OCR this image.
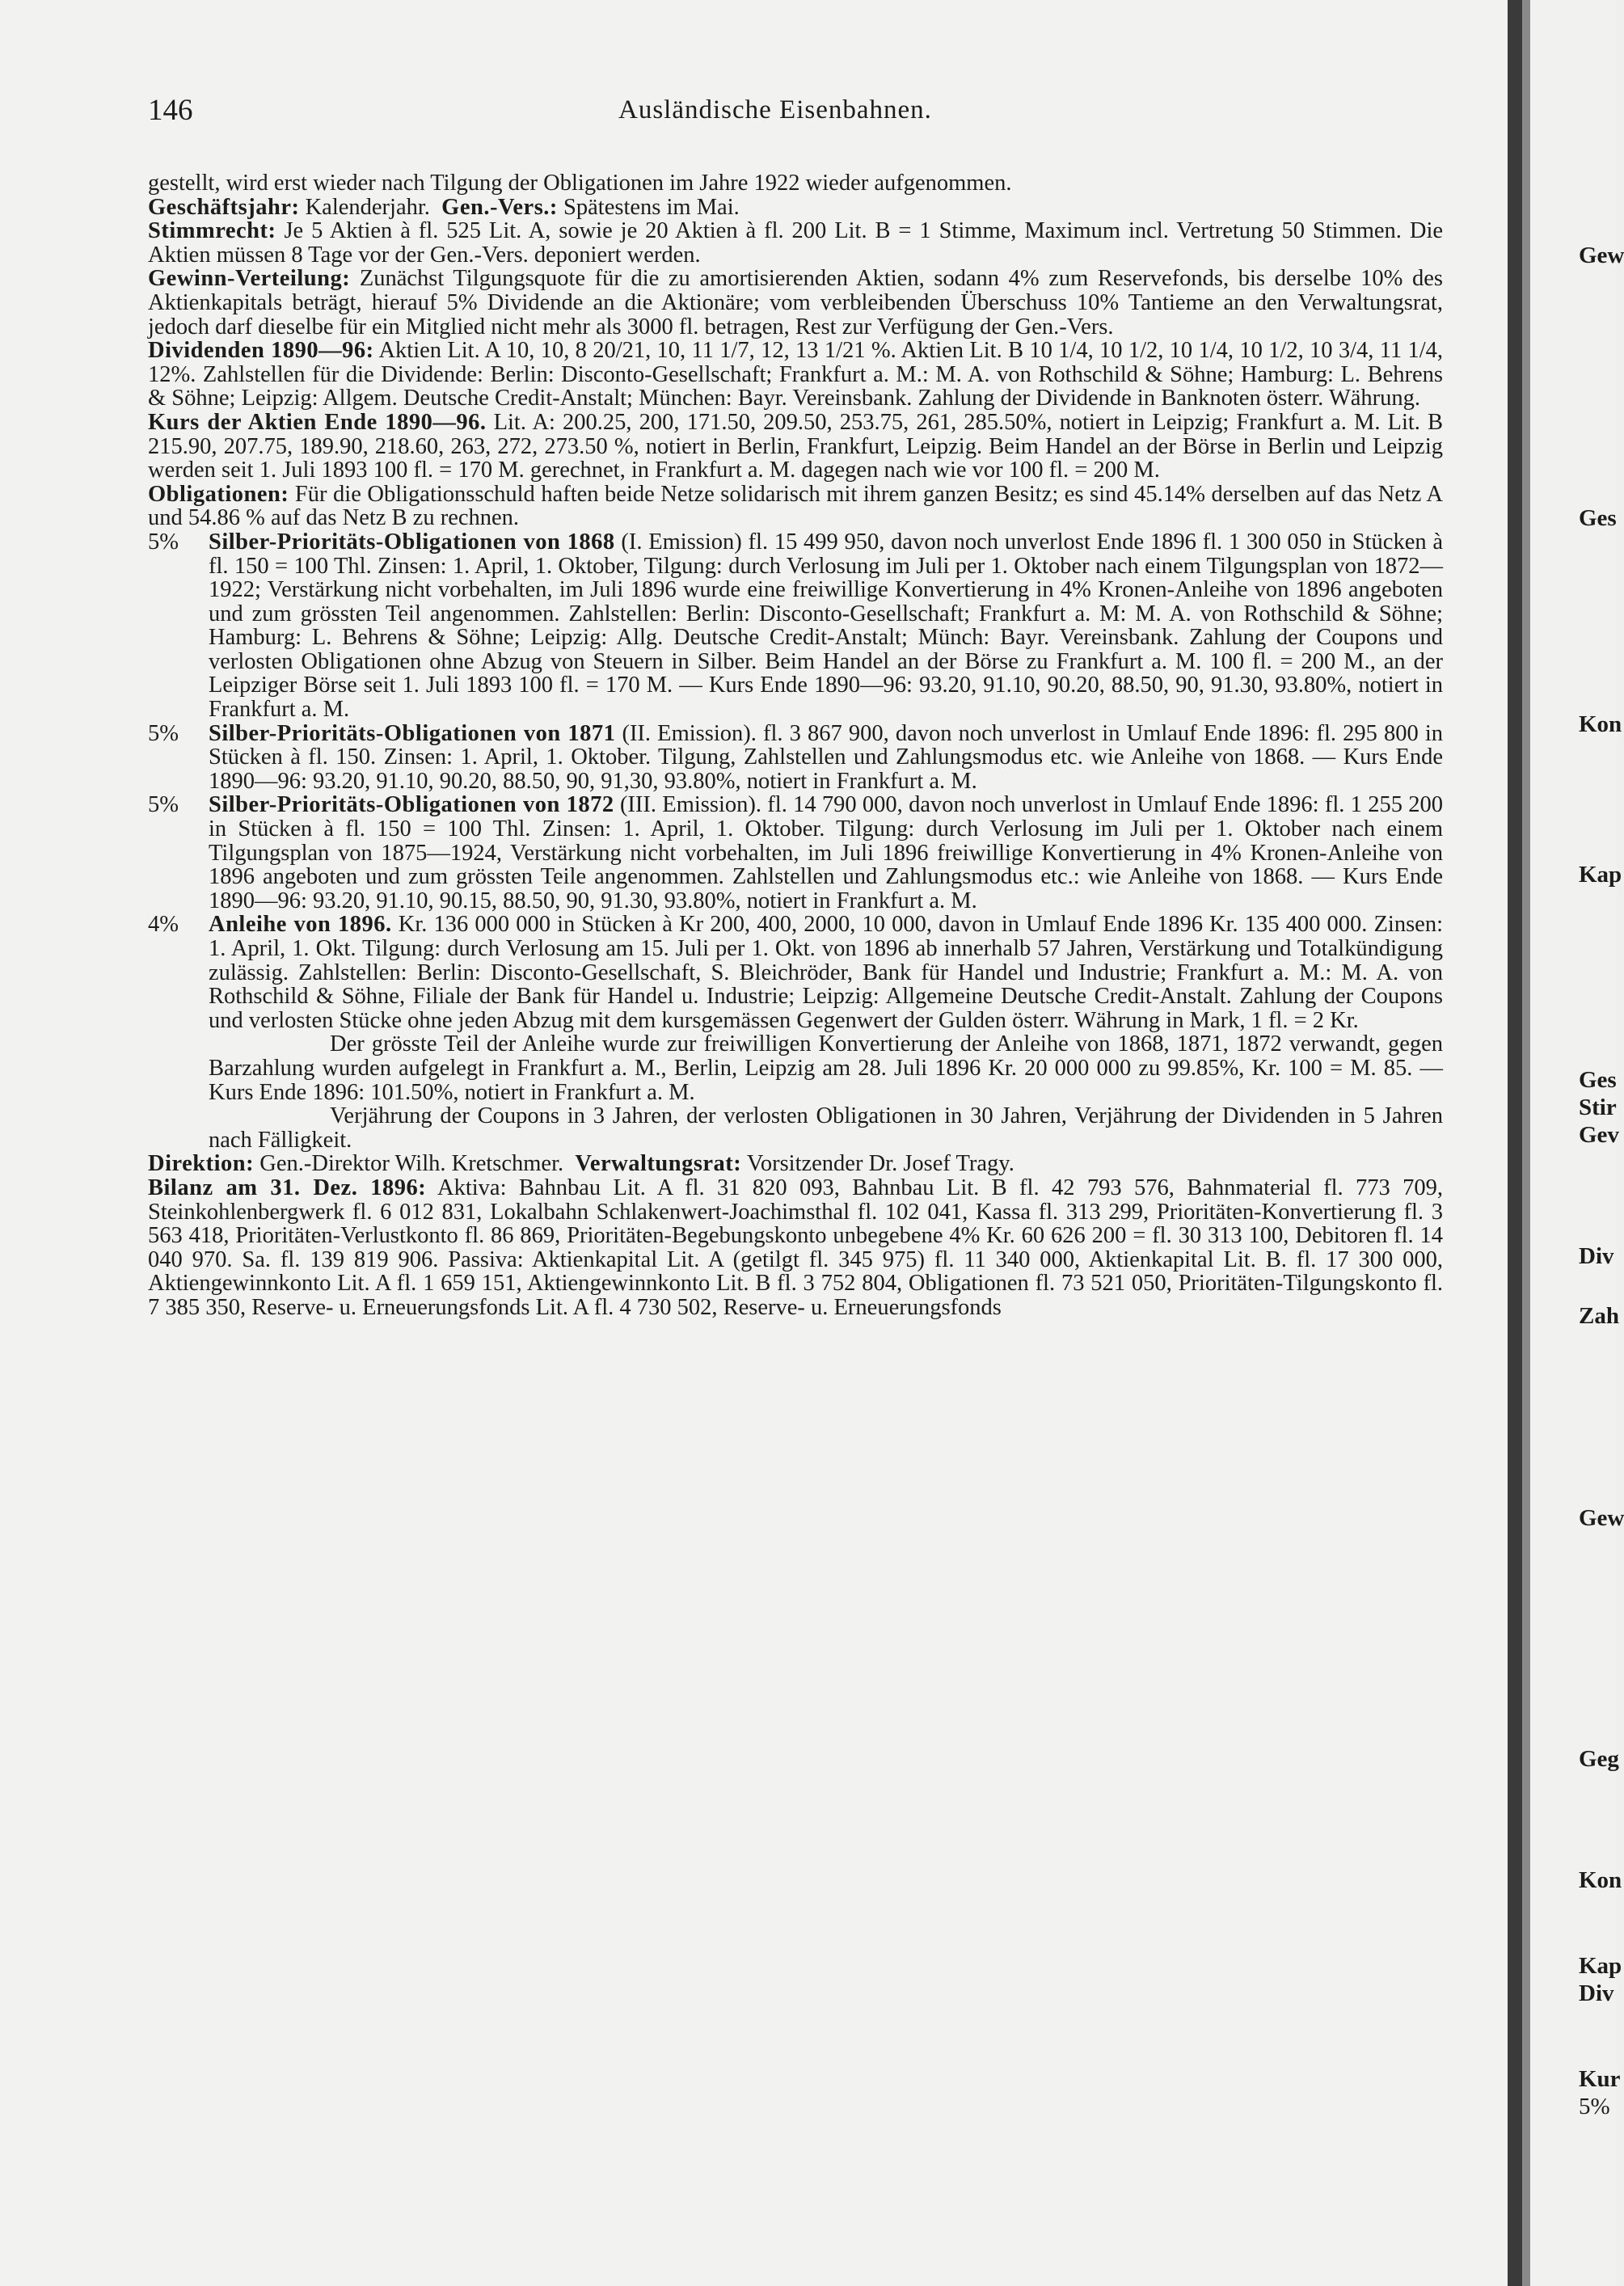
146	Ausländische Eisenbahnen.

gestellt, wird erst wieder nach Tilgung der Obligationen im Jahre 1922 wieder aufgenommen.

Geschäftsjahr: Kalenderjahr. Gen.-Vers.: Spätestens im Mai.

Stimmrecht: Je 5 Aktien à fl. 525 Lit. A, sowie je 20 Aktien à fl. 200 Lit. B = 1 Stimme, Maximum incl. Vertretung 50 Stimmen. Die Aktien müssen 8 Tage vor der Gen.-Vers. deponiert werden.

Gewinn-Verteilung: Zunächst Tilgungsquote für die zu amortisierenden Aktien, sodann 4% zum Reservefonds, bis derselbe 10% des Aktienkapitals beträgt, hierauf 5% Dividende an die Aktionäre; vom verbleibenden Überschuss 10% Tantieme an den Verwaltungsrat, jedoch darf dieselbe für ein Mitglied nicht mehr als 3000 fl. betragen, Rest zur Verfügung der Gen.-Vers.

Dividenden 1890—96: Aktien Lit. A 10, 10, 8 20/21, 10, 11 1/7, 12, 13 1/21 %. Aktien Lit. B 10 1/4, 10 1/2, 10 1/4, 10 1/2, 10 3/4, 11 1/4, 12%. Zahlstellen für die Dividende: Berlin: Disconto-Gesellschaft; Frankfurt a. M.: M. A. von Rothschild & Söhne; Hamburg: L. Behrens & Söhne; Leipzig: Allgem. Deutsche Credit-Anstalt; München: Bayr. Vereinsbank. Zahlung der Dividende in Banknoten österr. Währung.

Kurs der Aktien Ende 1890—96. Lit. A: 200.25, 200, 171.50, 209.50, 253.75, 261, 285.50%, notiert in Leipzig; Frankfurt a. M. Lit. B 215.90, 207.75, 189.90, 218.60, 263, 272, 273.50 %, notiert in Berlin, Frankfurt, Leipzig. Beim Handel an der Börse in Berlin und Leipzig werden seit 1. Juli 1893 100 fl. = 170 M. gerechnet, in Frankfurt a. M. dagegen nach wie vor 100 fl. = 200 M.

Obligationen: Für die Obligationsschuld haften beide Netze solidarisch mit ihrem ganzen Besitz; es sind 45.14% derselben auf das Netz A und 54.86 % auf das Netz B zu rechnen.

5% Silber-Prioritäts-Obligationen von 1868 (I. Emission) fl. 15 499 950, davon noch unverlost Ende 1896 fl. 1 300 050 in Stücken à fl. 150 = 100 Thl. Zinsen: 1. April, 1. Oktober, Tilgung: durch Verlosung im Juli per 1. Oktober nach einem Tilgungsplan von 1872—1922; Verstärkung nicht vorbehalten, im Juli 1896 wurde eine freiwillige Konvertierung in 4% Kronen-Anleihe von 1896 angeboten und zum grössten Teil angenommen. Zahlstellen: Berlin: Disconto-Gesellschaft; Frankfurt a. M: M. A. von Rothschild & Söhne; Hamburg: L. Behrens & Söhne; Leipzig: Allg. Deutsche Credit-Anstalt; Münch: Bayr. Vereinsbank. Zahlung der Coupons und verlosten Obligationen ohne Abzug von Steuern in Silber. Beim Handel an der Börse zu Frankfurt a. M. 100 fl. = 200 M., an der Leipziger Börse seit 1. Juli 1893 100 fl. = 170 M. — Kurs Ende 1890—96: 93.20, 91.10, 90.20, 88.50, 90, 91.30, 93.80%, notiert in Frankfurt a. M.

5% Silber-Prioritäts-Obligationen von 1871 (II. Emission). fl. 3 867 900, davon noch unverlost in Umlauf Ende 1896: fl. 295 800 in Stücken à fl. 150. Zinsen: 1. April, 1. Oktober. Tilgung, Zahlstellen und Zahlungsmodus etc. wie Anleihe von 1868. — Kurs Ende 1890—96: 93.20, 91.10, 90.20, 88.50, 90, 91,30, 93.80%, notiert in Frankfurt a. M.

5% Silber-Prioritäts-Obligationen von 1872 (III. Emission). fl. 14 790 000, davon noch unverlost in Umlauf Ende 1896: fl. 1 255 200 in Stücken à fl. 150 = 100 Thl. Zinsen: 1. April, 1. Oktober. Tilgung: durch Verlosung im Juli per 1. Oktober nach einem Tilgungsplan von 1875—1924, Verstärkung nicht vorbehalten, im Juli 1896 freiwillige Konvertierung in 4% Kronen-Anleihe von 1896 angeboten und zum grössten Teile angenommen. Zahlstellen und Zahlungsmodus etc.: wie Anleihe von 1868. — Kurs Ende 1890—96: 93.20, 91.10, 90.15, 88.50, 90, 91.30, 93.80%, notiert in Frankfurt a. M.

4% Anleihe von 1896. Kr. 136 000 000 in Stücken à Kr 200, 400, 2000, 10 000, davon in Umlauf Ende 1896 Kr. 135 400 000. Zinsen: 1. April, 1. Okt. Tilgung: durch Verlosung am 15. Juli per 1. Okt. von 1896 ab innerhalb 57 Jahren, Verstärkung und Totalkündigung zulässig. Zahlstellen: Berlin: Disconto-Gesellschaft, S. Bleichröder, Bank für Handel und Industrie; Frankfurt a. M.: M. A. von Rothschild & Söhne, Filiale der Bank für Handel u. Industrie; Leipzig: Allgemeine Deutsche Credit-Anstalt. Zahlung der Coupons und verlosten Stücke ohne jeden Abzug mit dem kursgemässen Gegenwert der Gulden österr. Währung in Mark, 1 fl. = 2 Kr.

Der grösste Teil der Anleihe wurde zur freiwilligen Konvertierung der Anleihe von 1868, 1871, 1872 verwandt, gegen Barzahlung wurden aufgelegt in Frankfurt a. M., Berlin, Leipzig am 28. Juli 1896 Kr. 20 000 000 zu 99.85%, Kr. 100 = M. 85. — Kurs Ende 1896: 101.50%, notiert in Frankfurt a. M.

Verjährung der Coupons in 3 Jahren, der verlosten Obligationen in 30 Jahren, Verjährung der Dividenden in 5 Jahren nach Fälligkeit.

Direktion: Gen.-Direktor Wilh. Kretschmer. Verwaltungsrat: Vorsitzender Dr. Josef Tragy.

Bilanz am 31. Dez. 1896: Aktiva: Bahnbau Lit. A fl. 31 820 093, Bahnbau Lit. B fl. 42 793 576, Bahnmaterial fl. 773 709, Steinkohlenbergwerk fl. 6 012 831, Lokalbahn Schlakenwert-Joachimsthal fl. 102 041, Kassa fl. 313 299, Prioritäten-Konvertierung fl. 3 563 418, Prioritäten-Verlustkonto fl. 86 869, Prioritäten-Begebungskonto unbegebene 4% Kr. 60 626 200 = fl. 30 313 100, Debitoren fl. 14 040 970. Sa. fl. 139 819 906. Passiva: Aktienkapital Lit. A (getilgt fl. 345 975) fl. 11 340 000, Aktienkapital Lit. B. fl. 17 300 000, Aktiengewinnkonto Lit. A fl. 1 659 151, Aktiengewinnkonto Lit. B fl. 3 752 804, Obligationen fl. 73 521 050, Prioritäten-Tilgungskonto fl. 7 385 350, Reserve- u. Erneuerungsfonds Lit. A fl. 4 730 502, Reserve- u. Erneuerungsfonds

Gew
Ges
Kon
Kap
Ges
Stir
Gev
Div
Zah
Gew
Geg
Kon
Kap
Div
Kur
5%
